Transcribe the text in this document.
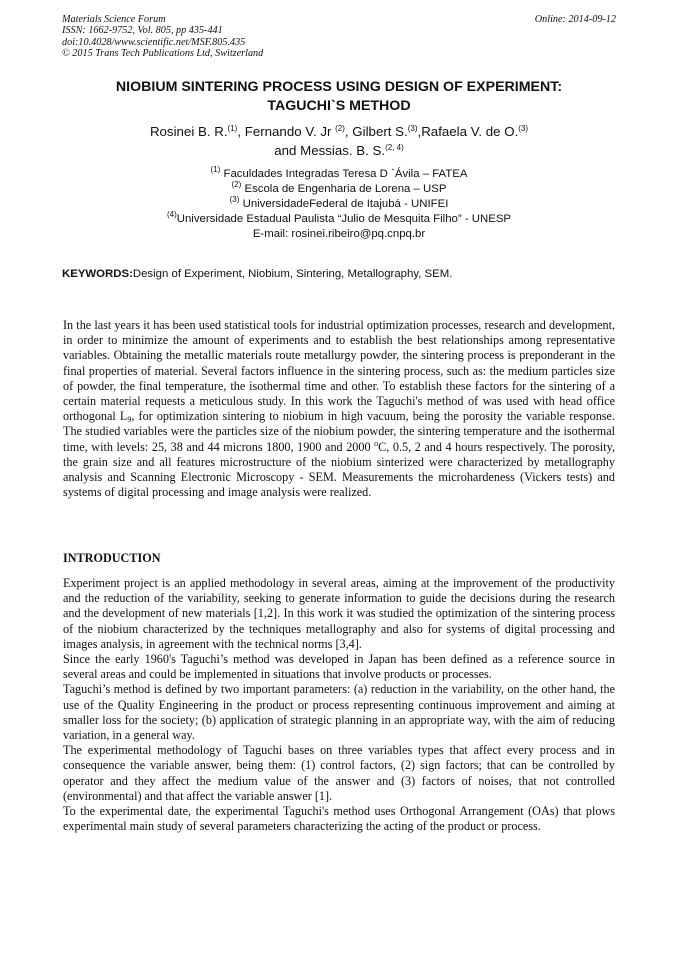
Materials Science Forum
ISSN: 1662-9752, Vol. 805, pp 435-441
doi:10.4028/www.scientific.net/MSF.805.435
© 2015 Trans Tech Publications Ltd, Switzerland
Online: 2014-09-12
NIOBIUM SINTERING PROCESS USING DESIGN OF EXPERIMENT:
TAGUCHI`S METHOD
Rosinei B. R.$^{(1)}$, Fernando V. Jr $^{(2)}$, Gilbert S.$^{(3)}$,Rafaela V. de O.$^{(3)}$
and Messias. B. S.$^{(2, 4)}$
$^{(1)}$ Faculdades Integradas Teresa D `Ávila – FATEA
$^{(2)}$ Escola de Engenharia de Lorena – USP
$^{(3)}$ UniversidadeFederal de Itajubá - UNIFEI
$^{(4)}$Universidade Estadual Paulista “Julio de Mesquita Filho” - UNESP
E-mail: rosinei.ribeiro@pq.cnpq.br
KEYWORDS:Design of Experiment, Niobium, Sintering, Metallography, SEM.
In the last years it has been used statistical tools for industrial optimization processes, research and development, in order to minimize the amount of experiments and to establish the best relationships among representative variables. Obtaining the metallic materials route metallurgy powder, the sintering process is preponderant in the final properties of material. Several factors influence in the sintering process, such as: the medium particles size of powder, the final temperature, the isothermal time and other. To establish these factors for the sintering of a certain material requests a meticulous study. In this work the Taguchi's method of was used with head office orthogonal $L_9$, for optimization sintering to niobium in high vacuum, being the porosity the variable response. The studied variables were the particles size of the niobium powder, the sintering temperature and the isothermal time, with levels: 25, 38 and 44 microns 1800, 1900 and 2000 $^o$C, 0.5, 2 and 4 hours respectively. The porosity, the grain size and all features microstructure of the niobium sinterized were characterized by metallography analysis and Scanning Electronic Microscopy - SEM. Measurements the microhardeness (Vickers tests) and systems of digital processing and image analysis were realized.
INTRODUCTION

Experiment project is an applied methodology in several areas, aiming at the improvement of the productivity and the reduction of the variability, seeking to generate information to guide the decisions during the research and the development of new materials [1,2]. In this work it was studied the optimization of the sintering process of the niobium characterized by the techniques metallography and also for systems of digital processing and images analysis, in agreement with the technical norms [3,4].

Since the early 1960's Taguchi’s method was developed in Japan has been defined as a reference source in several areas and could be implemented in situations that involve products or processes.

Taguchi’s method is defined by two important parameters: (a) reduction in the variability, on the other hand, the use of the Quality Engineering in the product or process representing continuous improvement and aiming at smaller loss for the society; (b) application of strategic planning in an appropriate way, with the aim of reducing variation, in a general way.

The experimental methodology of Taguchi bases on three variables types that affect every process and in consequence the variable answer, being them: (1) control factors, (2) sign factors; that can be controlled by operator and they affect the medium value of the answer and (3) factors of noises, that not controlled (environmental) and that affect the variable answer [1].

To the experimental date, the experimental Taguchi's method uses Orthogonal Arrangement (OAs) that plows experimental main study of several parameters characterizing the acting of the product or process.
